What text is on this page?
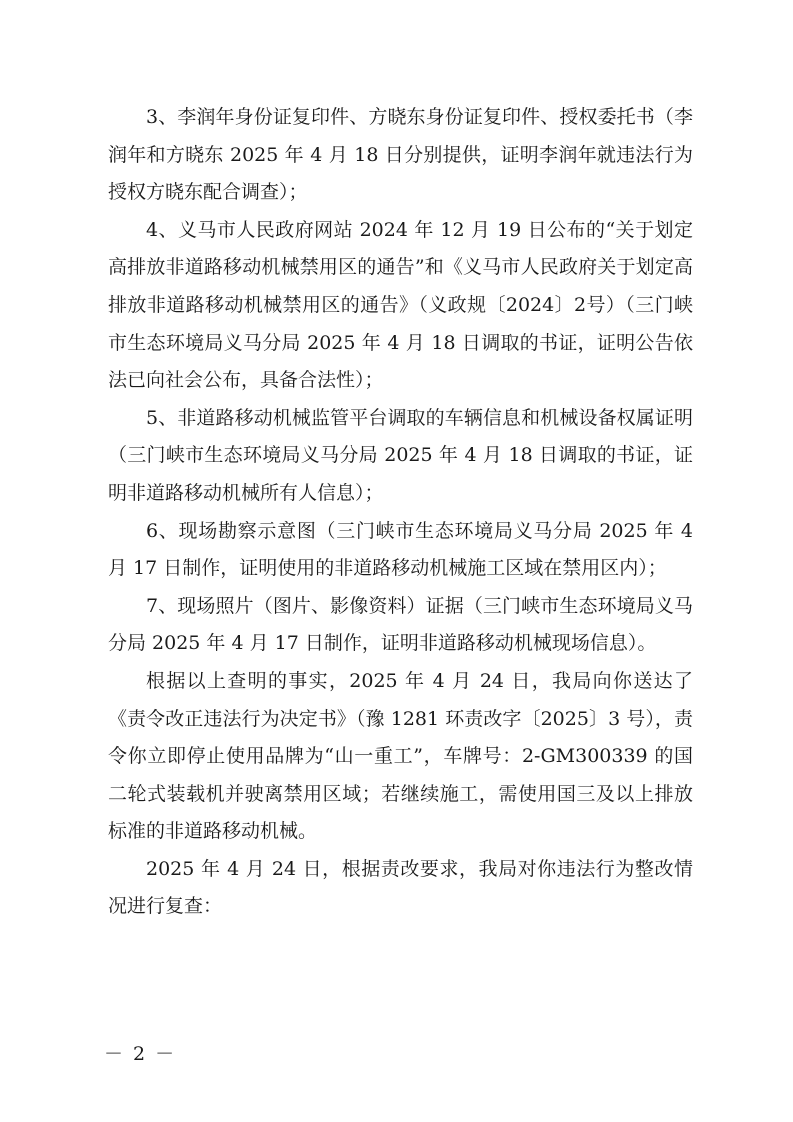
3、李润年身份证复印件、方晓东身份证复印件、授权委托书（李润年和方晓东 2025 年 4 月 18 日分别提供，证明李润年就违法行为授权方晓东配合调查）；

4、义马市人民政府网站 2024 年 12 月 19 日公布的“关于划定高排放非道路移动机械禁用区的通告”和《义马市人民政府关于划定高排放非道路移动机械禁用区的通告》（义政规〔2024〕2号）（三门峡市生态环境局义马分局 2025 年 4 月 18 日调取的书证，证明公告依法已向社会公布，具备合法性）；

5、非道路移动机械监管平台调取的车辆信息和机械设备权属证明（三门峡市生态环境局义马分局 2025 年 4 月 18 日调取的书证，证明非道路移动机械所有人信息）；

6、现场勘察示意图（三门峡市生态环境局义马分局 2025 年 4 月 17 日制作，证明使用的非道路移动机械施工区域在禁用区内）；

7、现场照片（图片、影像资料）证据（三门峡市生态环境局义马分局 2025 年 4 月 17 日制作，证明非道路移动机械现场信息）。

根据以上查明的事实，2025 年 4 月 24 日，我局向你送达了《责令改正违法行为决定书》（豫 1281 环责改字〔2025〕3 号），责令你立即停止使用品牌为“山一重工”，车牌号：2-GM300339 的国二轮式装载机并驶离禁用区域；若继续施工，需使用国三及以上排放标准的非道路移动机械。

2025 年 4 月 24 日，根据责改要求，我局对你违法行为整改情况进行复查：

－ 2 －
